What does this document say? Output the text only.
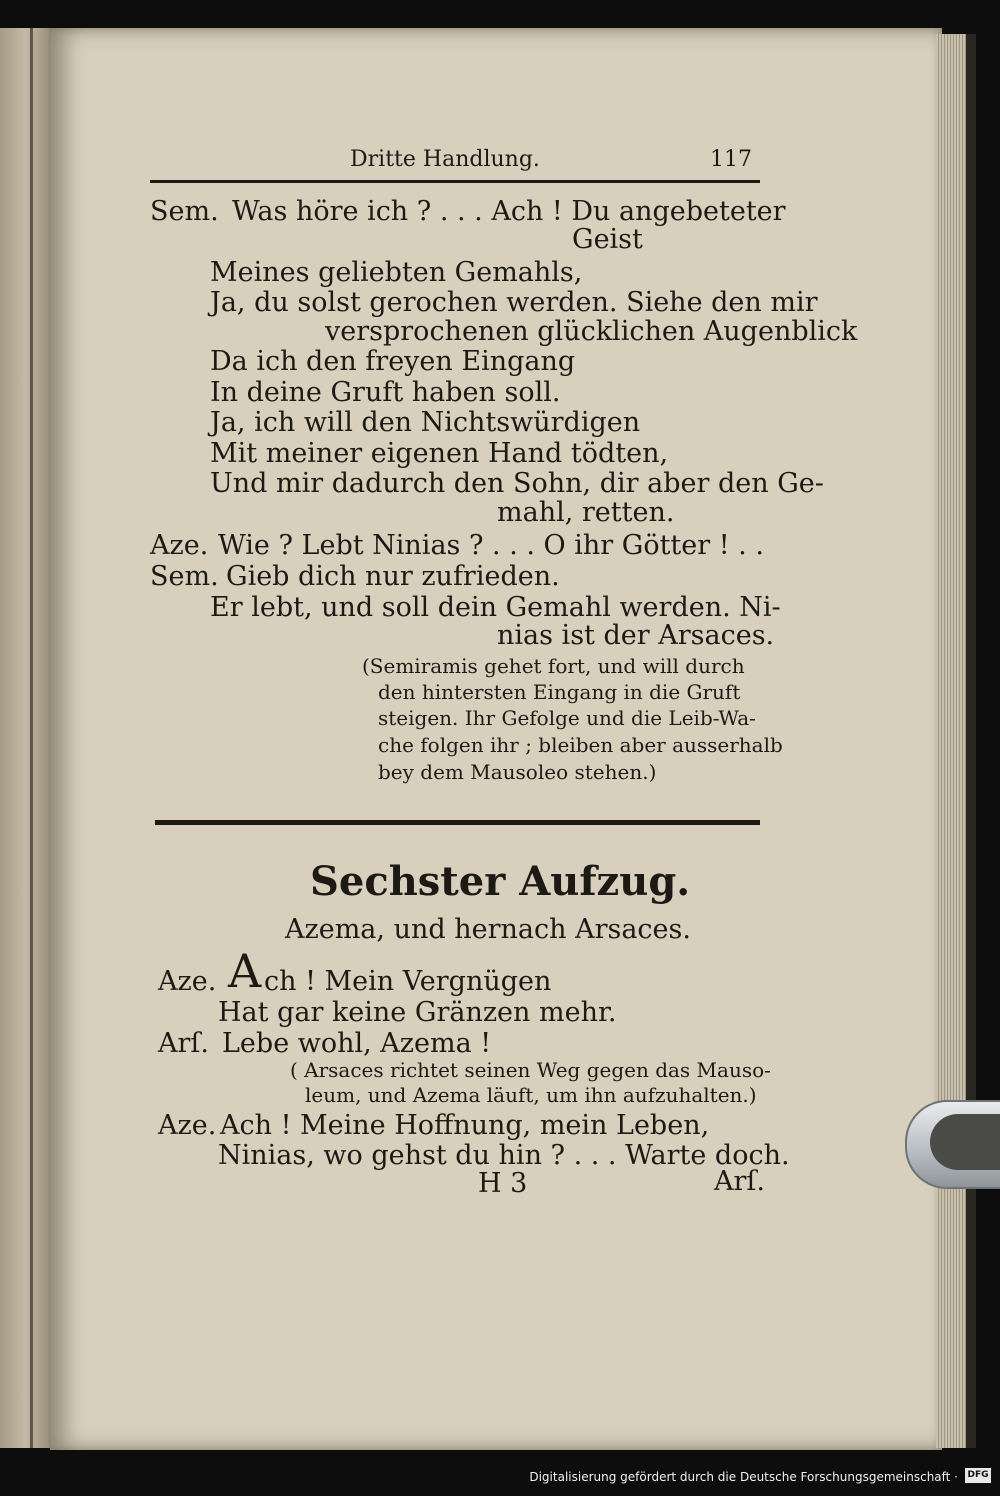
Dritte Handlung.	117
Sem. Was höre ich ? . . . Ach ! Du angebeteter
Geist
Meines geliebten Gemahls,
Ja, du solst gerochen werden. Siehe den mir
versprochenen glücklichen Augenblick
Da ich den freyen Eingang
In deine Gruft haben soll.
Ja, ich will den Nichtswürdigen
Mit meiner eigenen Hand tödten,
Und mir dadurch den Sohn, dir aber den Ge-
mahl, retten.
Aze. Wie ? Lebt Ninias ? . . . O ihr Götter ! . .
Sem. Gieb dich nur zufrieden.
Er lebt, und soll dein Gemahl werden. Ni-
nias ist der Arsaces.
(Semiramis gehet fort, und will durch
den hintersten Eingang in die Gruft
steigen. Ihr Gefolge und die Leib-Wa-
che folgen ihr ; bleiben aber ausserhalb
bey dem Mausoleo stehen.)
Sechster Aufzug.
Azema, und hernach Arsaces.
Aze. A ch ! Mein Vergnügen
Hat gar keine Gränzen mehr.
Arſ. Lebe wohl, Azema !
( Arsaces richtet seinen Weg gegen das Mauso-
leum, und Azema läuft, um ihn aufzuhalten.)
Aze. Ach ! Meine Hoffnung, mein Leben,
Ninias, wo gehst du hin ? . . . Warte doch.
H 3	Arſ.
Digitalisierung gefördert durch die Deutsche Forschungsgemeinschaft · DFG
